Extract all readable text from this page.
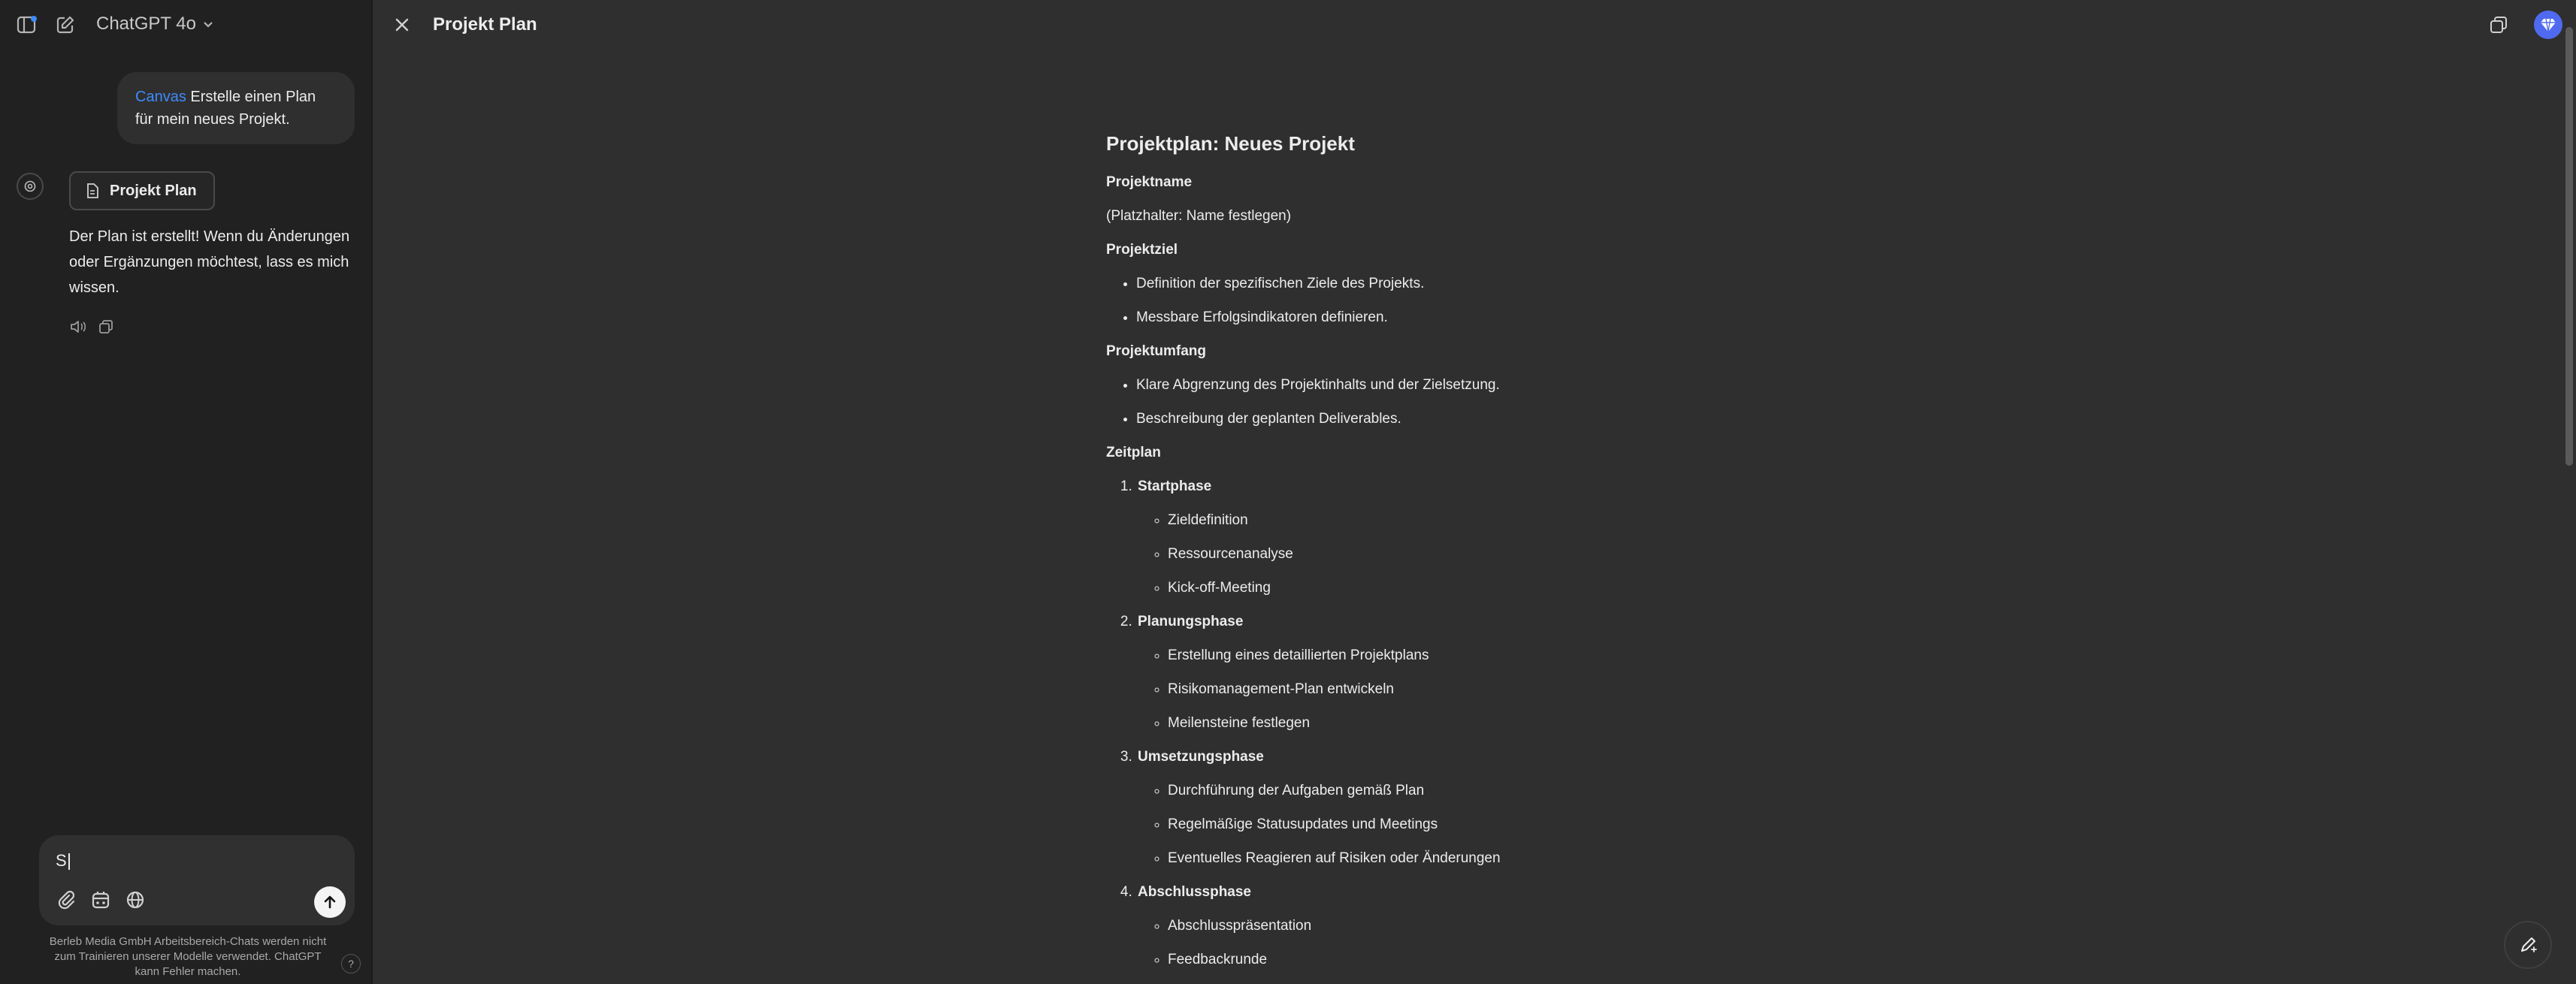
ChatGPT 4o
Canvas Erstelle einen Plan für mein neues Projekt.
Projekt Plan
Der Plan ist erstellt! Wenn du Änderungen oder Ergänzungen möchtest, lass es mich wissen.
S
Berleb Media GmbH Arbeitsbereich-Chats werden nicht zum Trainieren unserer Modelle verwendet. ChatGPT kann Fehler machen.
?
Projekt Plan
Projektplan: Neues Projekt
Projektname

(Platzhalter: Name festlegen)

Projektziel
• Definition der spezifischen Ziele des Projekts.
• Messbare Erfolgsindikatoren definieren.
Projektumfang
• Klare Abgrenzung des Projektinhalts und der Zielsetzung.
• Beschreibung der geplanten Deliverables.
Zeitplan
1. Startphase
◦ Zieldefinition
◦ Ressourcenanalyse
◦ Kick-off-Meeting
2. Planungsphase
◦ Erstellung eines detaillierten Projektplans
◦ Risikomanagement-Plan entwickeln
◦ Meilensteine festlegen
3. Umsetzungsphase
◦ Durchführung der Aufgaben gemäß Plan
◦ Regelmäßige Statusupdates und Meetings
◦ Eventuelles Reagieren auf Risiken oder Änderungen
4. Abschlussphase
◦ Abschlusspräsentation
◦ Feedbackrunde
